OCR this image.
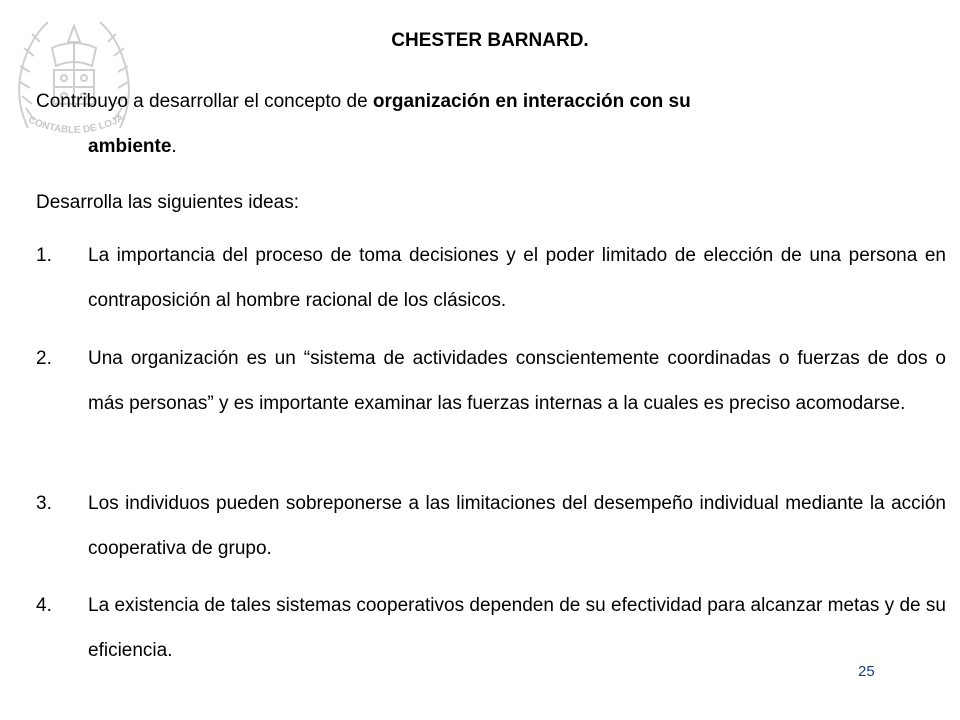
CONTABLE DE LOJA
CHESTER BARNARD.

Contribuyo a desarrollar el concepto de organización en interacción con su
ambiente.

Desarrolla las siguientes ideas:

1.	La importancia del proceso de toma decisiones y el poder limitado de elección de una persona en contraposición al hombre racional de los clásicos.
2.	Una organización es un “sistema de actividades conscientemente coordinadas o fuerzas de dos o más personas” y es importante examinar las fuerzas internas a la cuales es preciso acomodarse.
3.	Los individuos pueden sobreponerse a las limitaciones del desempeño individual mediante la acción cooperativa de grupo.
4.	La existencia de tales sistemas cooperativos dependen de su efectividad para alcanzar metas y de su eficiencia.
25
